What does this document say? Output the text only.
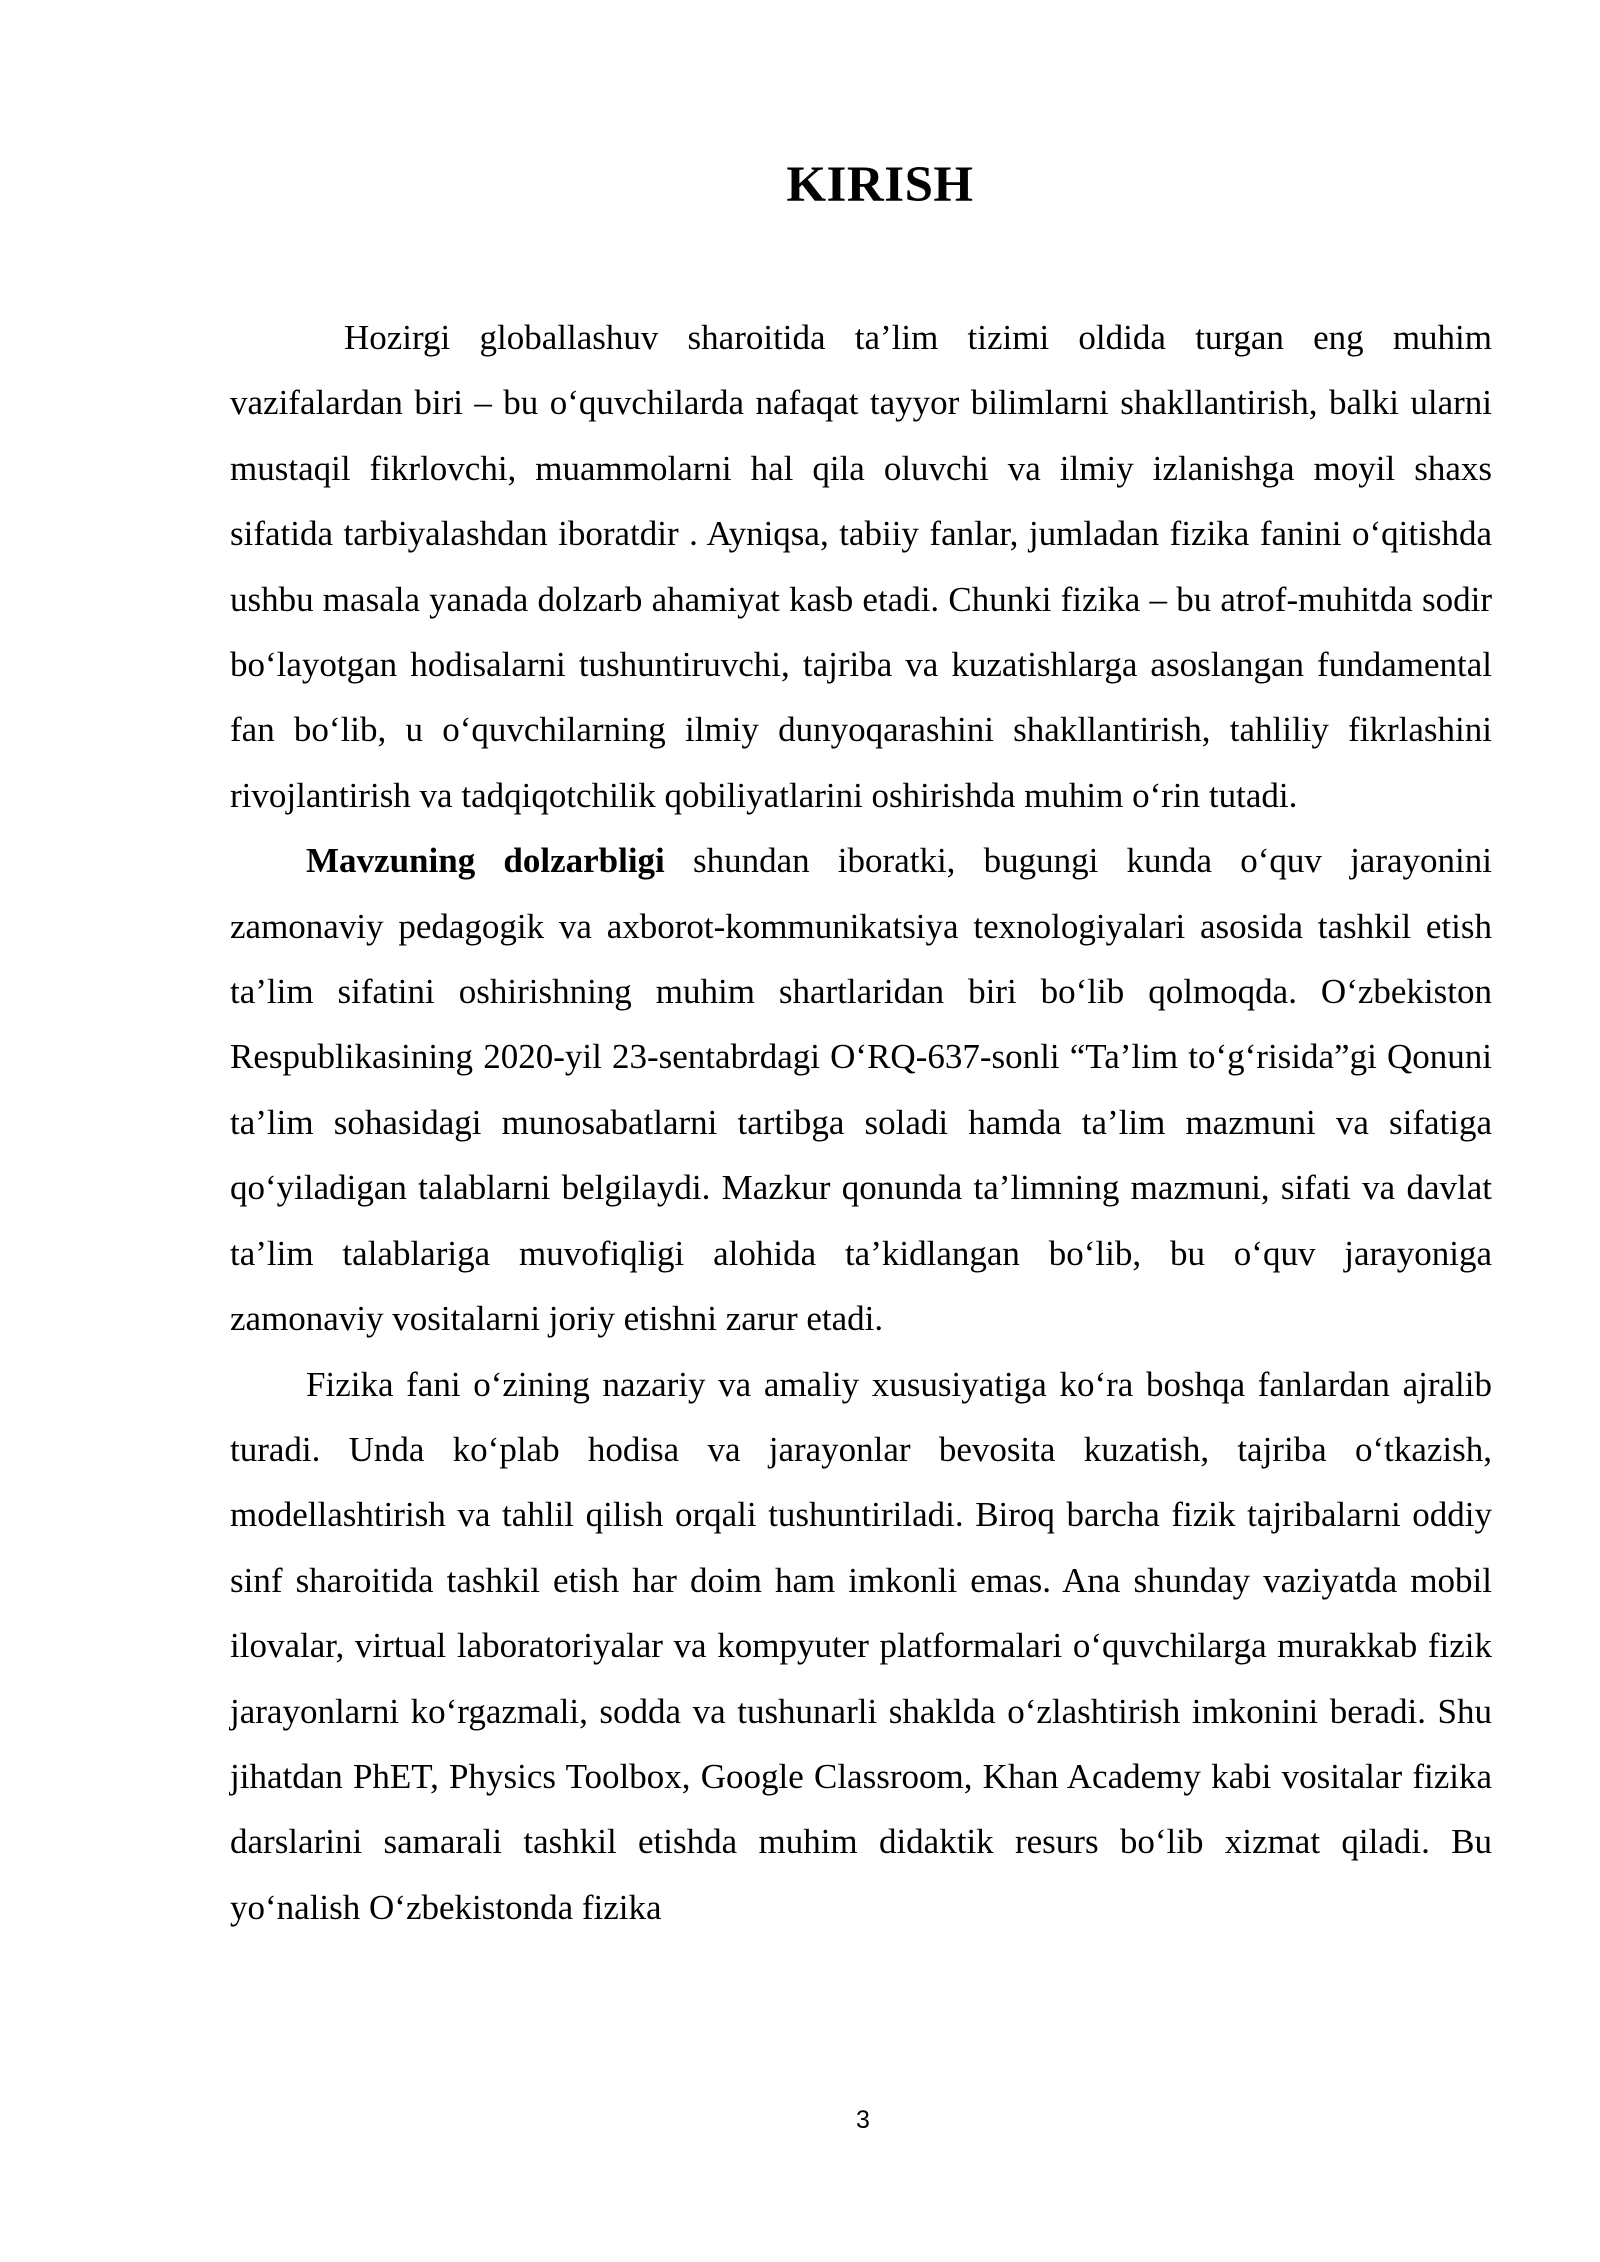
KIRISH

Hozirgi globallashuv sharoitida ta’lim tizimi oldida turgan eng muhim vazifalardan biri – bu o‘quvchilarda nafaqat tayyor bilimlarni shakllantirish, balki ularni mustaqil fikrlovchi, muammolarni hal qila oluvchi va ilmiy izlanishga moyil shaxs sifatida tarbiyalashdan iboratdir . Ayniqsa, tabiiy fanlar, jumladan fizika fanini o‘qitishda ushbu masala yanada dolzarb ahamiyat kasb etadi. Chunki fizika – bu atrof-muhitda sodir bo‘layotgan hodisalarni tushuntiruvchi, tajriba va kuzatishlarga asoslangan fundamental fan bo‘lib, u o‘quvchilarning ilmiy dunyoqarashini shakllantirish, tahliliy fikrlashini rivojlantirish va tadqiqotchilik qobiliyatlarini oshirishda muhim o‘rin tutadi.

Mavzuning dolzarbligi shundan iboratki, bugungi kunda o‘quv jarayonini zamonaviy pedagogik va axborot-kommunikatsiya texnologiyalari asosida tashkil etish ta’lim sifatini oshirishning muhim shartlaridan biri bo‘lib qolmoqda. O‘zbekiston Respublikasining 2020-yil 23-sentabrdagi O‘RQ-637-sonli “Ta’lim to‘g‘risida”gi Qonuni ta’lim sohasidagi munosabatlarni tartibga soladi hamda ta’lim mazmuni va sifatiga qo‘yiladigan talablarni belgilaydi. Mazkur qonunda ta’limning mazmuni, sifati va davlat ta’lim talablariga muvofiqligi alohida ta’kidlangan bo‘lib, bu o‘quv jarayoniga zamonaviy vositalarni joriy etishni zarur etadi.

Fizika fani o‘zining nazariy va amaliy xususiyatiga ko‘ra boshqa fanlardan ajralib turadi. Unda ko‘plab hodisa va jarayonlar bevosita kuzatish, tajriba o‘tkazish, modellashtirish va tahlil qilish orqali tushuntiriladi. Biroq barcha fizik tajribalarni oddiy sinf sharoitida tashkil etish har doim ham imkonli emas. Ana shunday vaziyatda mobil ilovalar, virtual laboratoriyalar va kompyuter platformalari o‘quvchilarga murakkab fizik jarayonlarni ko‘rgazmali, sodda va tushunarli shaklda o‘zlashtirish imkonini beradi. Shu jihatdan PhET, Physics Toolbox, Google Classroom, Khan Academy kabi vositalar fizika darslarini samarali tashkil etishda muhim didaktik resurs bo‘lib xizmat qiladi. Bu yo‘nalish O‘zbekistonda fizika

3
